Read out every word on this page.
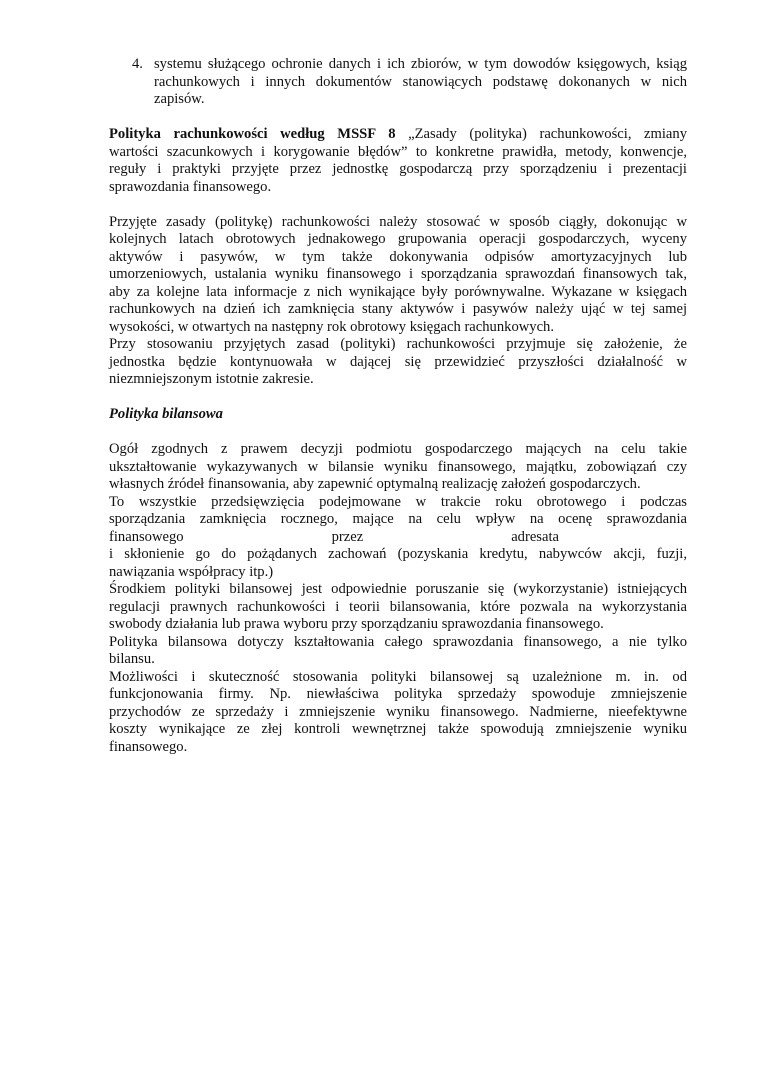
4. systemu służącego ochronie danych i ich zbiorów, w tym dowodów księgowych, ksiąg
rachunkowych i innych dokumentów stanowiących podstawę dokonanych w nich
zapisów.
Polityka rachunkowości według MSSF 8 „Zasady (polityka) rachunkowości, zmiany
wartości szacunkowych i korygowanie błędów” to konkretne prawidła, metody, konwencje,
reguły i praktyki przyjęte przez jednostkę gospodarczą przy sporządzeniu i prezentacji
sprawozdania finansowego.
Przyjęte zasady (politykę) rachunkowości należy stosować w sposób ciągły, dokonując w
kolejnych latach obrotowych jednakowego grupowania operacji gospodarczych, wyceny
aktywów i pasywów, w tym także dokonywania odpisów amortyzacyjnych lub
umorzeniowych, ustalania wyniku finansowego i sporządzania sprawozdań finansowych tak,
aby za kolejne lata informacje z nich wynikające były porównywalne. Wykazane w księgach
rachunkowych na dzień ich zamknięcia stany aktywów i pasywów należy ująć w tej samej
wysokości, w otwartych na następny rok obrotowy księgach rachunkowych.
Przy stosowaniu przyjętych zasad (polityki) rachunkowości przyjmuje się założenie, że
jednostka będzie kontynuowała w dającej się przewidzieć przyszłości działalność w
niezmniejszonym istotnie zakresie.
Polityka bilansowa
Ogół zgodnych z prawem decyzji podmiotu gospodarczego mających na celu takie
ukształtowanie wykazywanych w bilansie wyniku finansowego, majątku, zobowiązań czy
własnych źródeł finansowania, aby zapewnić optymalną realizację założeń gospodarczych.
To wszystkie przedsięwzięcia podejmowane w trakcie roku obrotowego i podczas
sporządzania zamknięcia rocznego, mające na celu wpływ na ocenę sprawozdania
finansowego przez adresata
i skłonienie go do pożądanych zachowań (pozyskania kredytu, nabywców akcji, fuzji,
nawiązania współpracy itp.)
Środkiem polityki bilansowej jest odpowiednie poruszanie się (wykorzystanie) istniejących
regulacji prawnych rachunkowości i teorii bilansowania, które pozwala na wykorzystania
swobody działania lub prawa wyboru przy sporządzaniu sprawozdania finansowego.
Polityka bilansowa dotyczy kształtowania całego sprawozdania finansowego, a nie tylko
bilansu.
Możliwości i skuteczność stosowania polityki bilansowej są uzależnione m. in. od
funkcjonowania firmy. Np. niewłaściwa polityka sprzedaży spowoduje zmniejszenie
przychodów ze sprzedaży i zmniejszenie wyniku finansowego. Nadmierne, nieefektywne
koszty wynikające ze złej kontroli wewnętrznej także spowodują zmniejszenie wyniku
finansowego.
